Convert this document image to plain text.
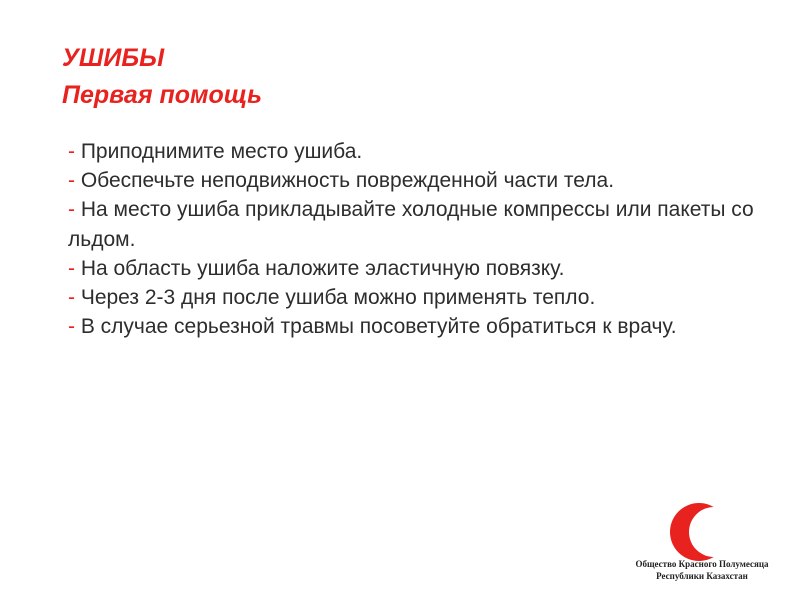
УШИБЫ
Первая помощь
- Приподнимите место ушиба.
- Обеспечьте неподвижность поврежденной части тела.
- На место ушиба прикладывайте холодные компрессы или пакеты со льдом.
- На область ушиба наложите эластичную повязку.
- Через 2-3 дня после ушиба можно применять тепло.
- В случае серьезной травмы посоветуйте обратиться к врачу.
Общество Красного Полумесяца
Республики Казахстан
